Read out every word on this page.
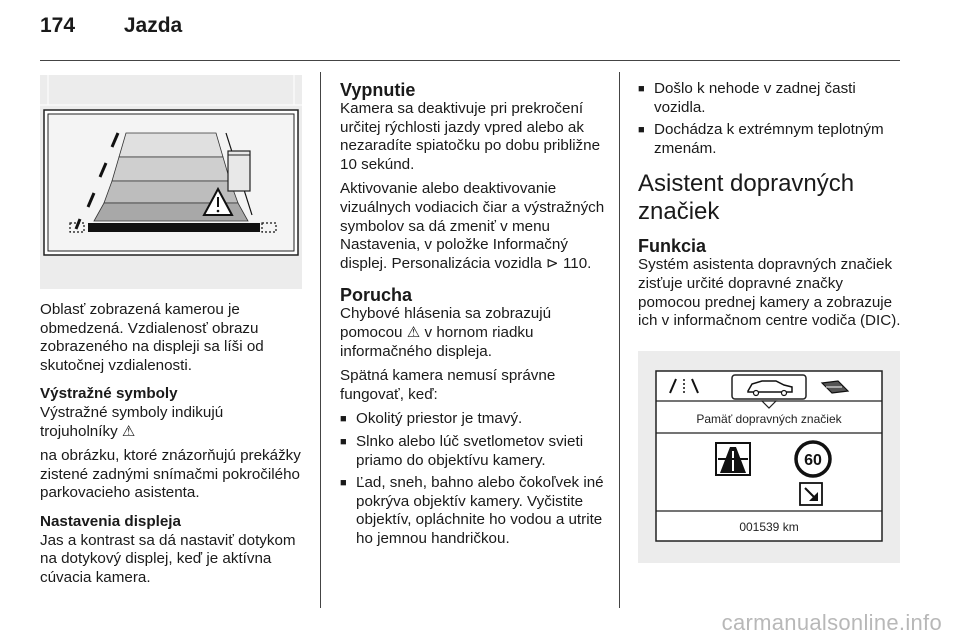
174 Jazda

Oblasť zobrazená kamerou je obmedzená. Vzdialenosť obrazu zobrazeného na displeji sa líši od skutočnej vzdialenosti.

Výstražné symboly

Výstražné symboly indikujú trojuholníky ⚠

na obrázku, ktoré znázorňujú prekážky zistené zadnými snímačmi pokročilého parkovacieho asistenta.

Nastavenia displeja

Jas a kontrast sa dá nastaviť dotykom na dotykový displej, keď je aktívna cúvacia kamera.

Vypnutie

Kamera sa deaktivuje pri prekročení určitej rýchlosti jazdy vpred alebo ak nezaradíte spiatočku po dobu približne 10 sekúnd.

Aktivovanie alebo deaktivovanie vizuálnych vodiacich čiar a výstražných symbolov sa dá zmeniť v menu Nastavenia, v položke Informačný displej. Personalizácia vozidla ⊳ 110.

Porucha

Chybové hlásenia sa zobrazujú pomocou ⚠ v hornom riadku informačného displeja.

Spätná kamera nemusí správne fungovať, keď:

■ Okolitý priestor je tmavý.
■ Slnko alebo lúč svetlometov svieti priamo do objektívu kamery.
■ Ľad, sneh, bahno alebo čokoľvek iné pokrýva objektív kamery. Vyčistite objektív, opláchnite ho vodou a utrite ho jemnou handričkou.
■ Došlo k nehode v zadnej časti vozidla.
■ Dochádza k extrémnym teplotným zmenám.
Asistent dopravných značiek
Funkcia

Systém asistenta dopravných značiek zisťuje určité dopravné značky pomocou prednej kamery a zobrazuje ich v informačnom centre vodiča (DIC).

Pamäť dopravných značiek
60
001539 km
carmanualsonline.info
